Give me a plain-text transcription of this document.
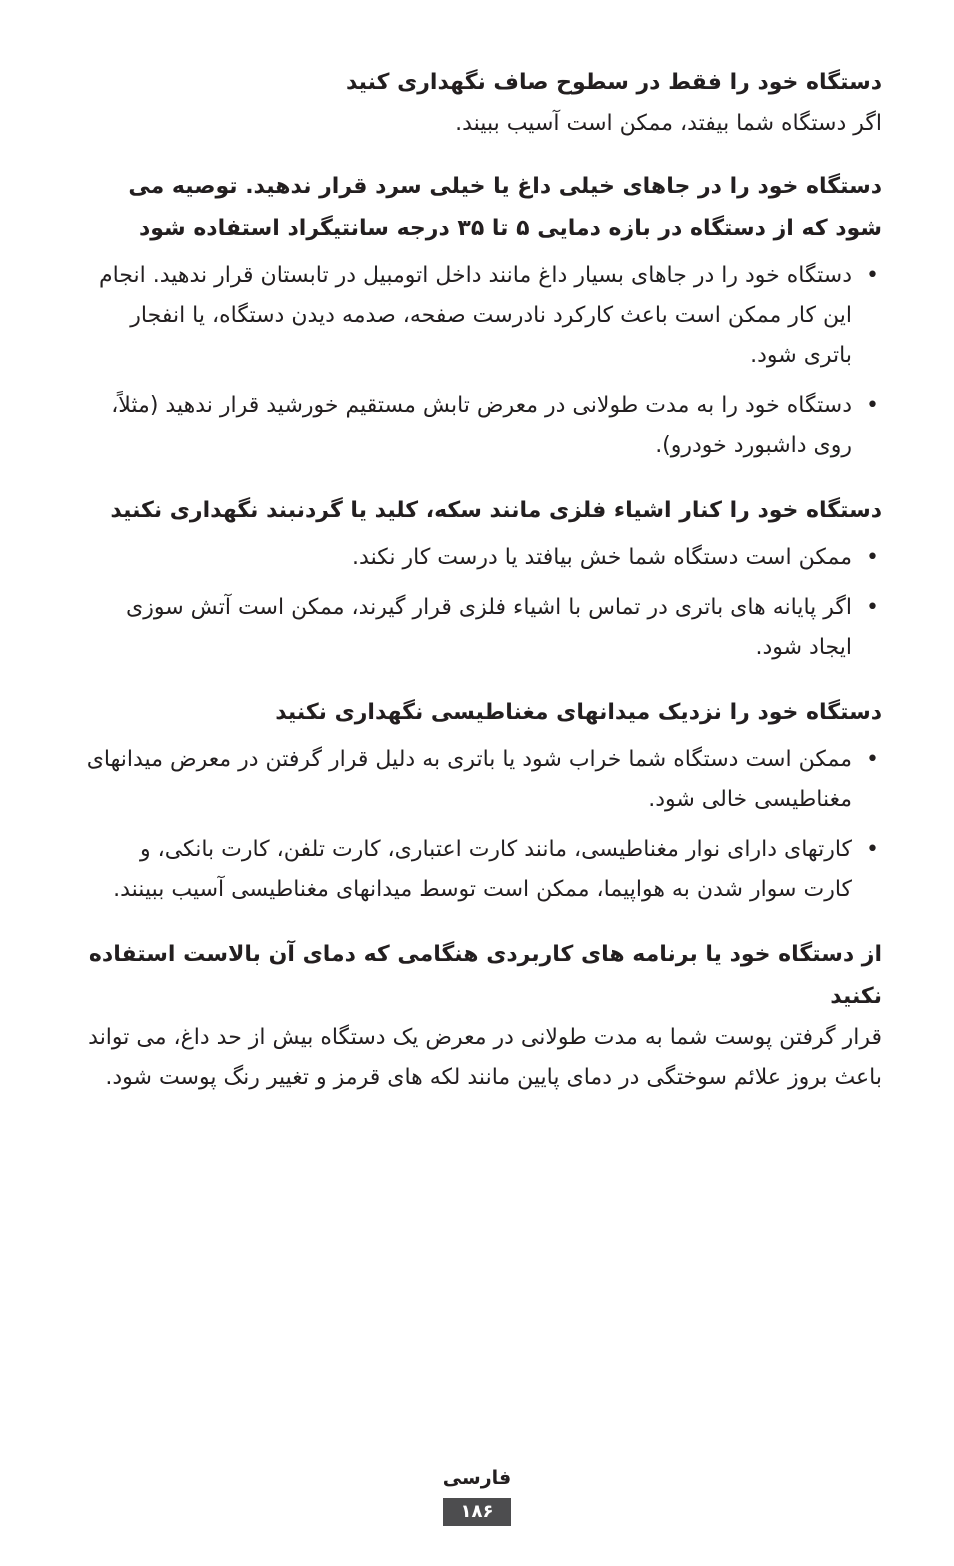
دستگاه خود را فقط در سطوح صاف نگهداری کنید

اگر دستگاه شما بیفتد، ممکن است آسیب ببیند.

دستگاه خود را در جاهای خیلی داغ یا خیلی سرد قرار ندهید. توصیه می شود که از دستگاه در بازه دمایی ۵ تا ۳۵ درجه سانتیگراد استفاده شود
•
دستگاه خود را در جاهای بسیار داغ مانند داخل اتومبیل در تابستان قرار ندهید. انجام این کار ممکن است باعث کارکرد نادرست صفحه، صدمه دیدن دستگاه، یا انفجار باتری شود.
•
دستگاه خود را به مدت طولانی در معرض تابش مستقیم خورشید قرار ندهید (مثلاً، روی داشبورد خودرو).
دستگاه خود را کنار اشیاء فلزی مانند سکه، کلید یا گردنبند نگهداری نکنید
•
ممکن است دستگاه شما خش بیافتد یا درست کار نکند.
•
اگر پایانه های باتری در تماس با اشیاء فلزی قرار گیرند، ممکن است آتش سوزی ایجاد شود.
دستگاه خود را نزدیک میدانهای مغناطیسی نگهداری نکنید
•
ممکن است دستگاه شما خراب شود یا باتری به دلیل قرار گرفتن در معرض میدانهای مغناطیسی خالی شود.
•
کارتهای دارای نوار مغناطیسی، مانند کارت اعتباری، کارت تلفن، کارت بانکی، و کارت سوار شدن به هواپیما، ممکن است توسط میدانهای مغناطیسی آسیب ببینند.
از دستگاه خود یا برنامه های کاربردی هنگامی که دمای آن بالاست استفاده نکنید

قرار گرفتن پوست شما به مدت طولانی در معرض یک دستگاه بیش از حد داغ، می تواند باعث بروز علائم سوختگی در دمای پایین مانند لکه های قرمز و تغییر رنگ پوست شود.

فارسی
۱۸۶
